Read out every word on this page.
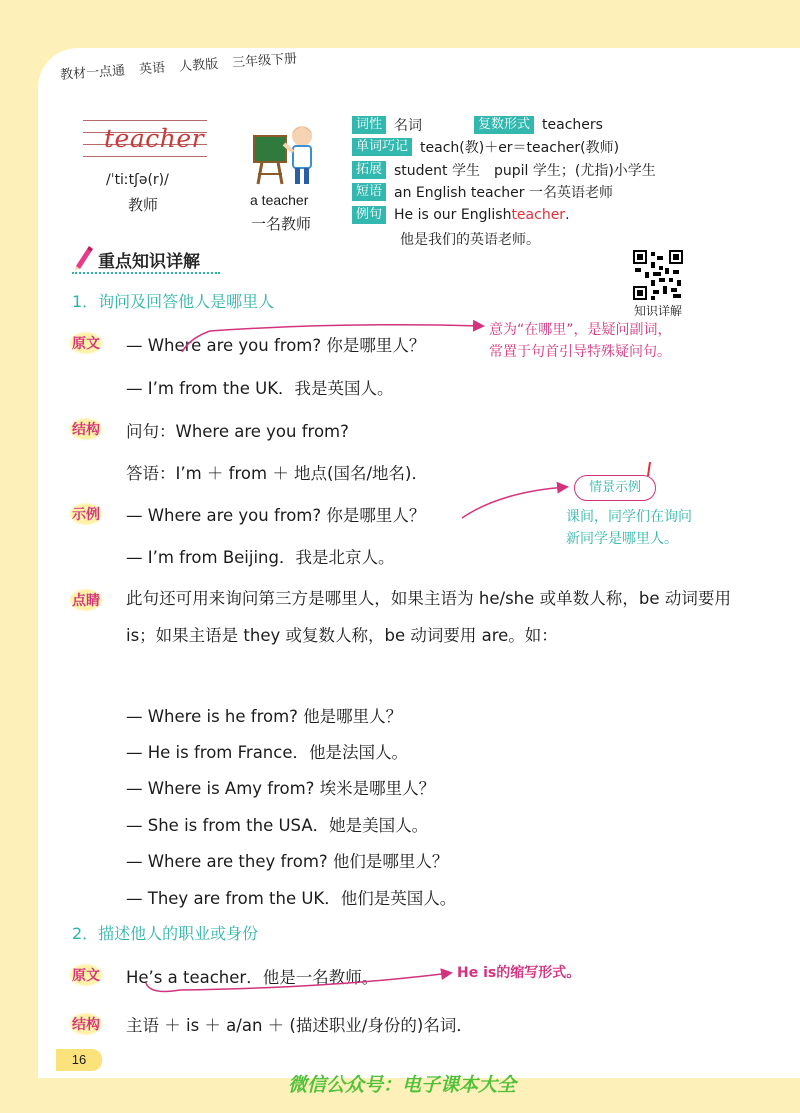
教材一点通 英语 人教版 三年级下册
teacher
/ˈtiːtʃə(r)/
教师	a teacher
一名教师
词性 名词	复数形式 teachers
单词巧记 teach(教)＋er＝teacher(教师)
拓展 student 学生　pupil 学生；(尤指)小学生
短语 an English teacher 一名英语老师
例句 He is our English teacher .
他是我们的英语老师。
重点知识详解
知识详解
1．询问及回答他人是哪里人
原文 — Where are you from? 你是哪里人？
意为“在哪里”，是疑问副词，
常置于句首引导特殊疑问句。
— I’m from the UK．我是英国人。
结构 问句：Where are you from?
答语：I’m ＋ from ＋ 地点(国名/地名)．
情景示例
课间，同学们在询问
新同学是哪里人。
示例 — Where are you from? 你是哪里人？
— I’m from Beijing．我是北京人。
点睛 此句还可用来询问第三方是哪里人，如果主语为 he/she 或单数人称，be 动词要用 is；如果主语是 they 或复数人称，be 动词要用 are。如：
— Where is he from? 他是哪里人？
— He is from France．他是法国人。
— Where is Amy from? 埃米是哪里人？
— She is from the USA．她是美国人。
— Where are they from? 他们是哪里人？
— They are from the UK．他们是英国人。
2．描述他人的职业或身份
原文 He’s a teacher．他是一名教师。	He is的缩写形式。
结构 主语 ＋ is ＋ a/an ＋ (描述职业/身份的)名词．
16
微信公众号：电子课本大全
